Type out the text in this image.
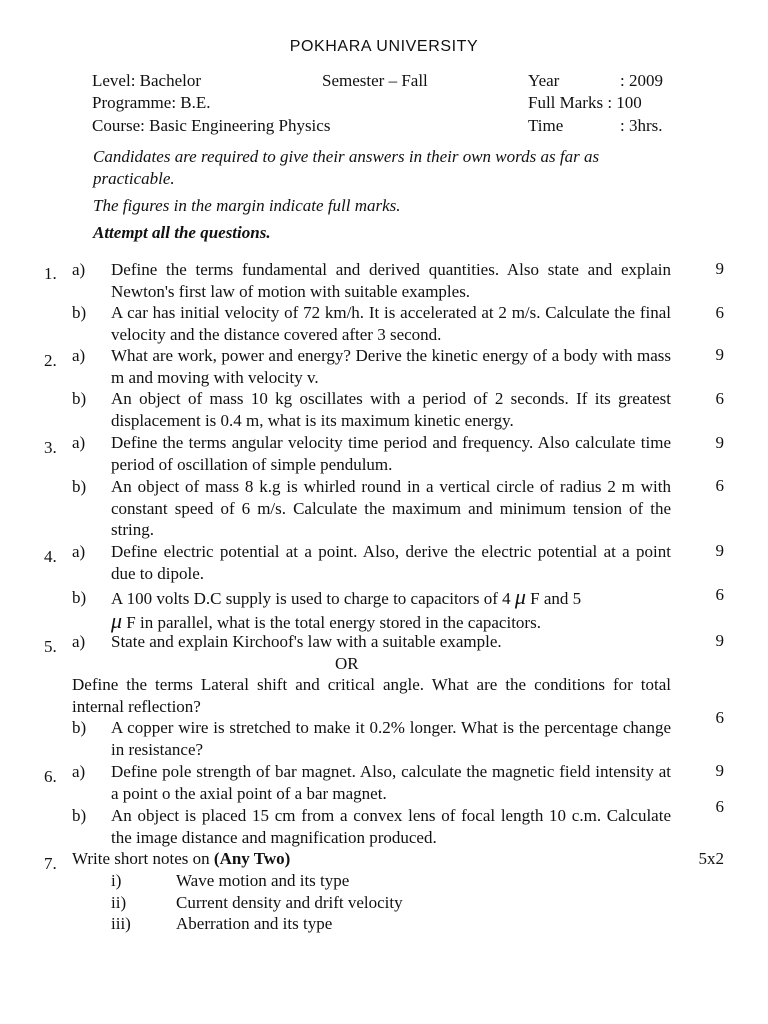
POKHARA UNIVERSITY
Level: Bachelor	Semester – Fall	Year	: 2009
Programme: B.E.	Full Marks : 100
Course: Basic Engineering Physics	Time	: 3hrs.
Candidates are required to give their answers in their own words as far as practicable.
The figures in the margin indicate full marks.
Attempt all the questions.
1. a) Define the terms fundamental and derived quantities. Also state and explain Newton's first law of motion with suitable examples.
9
b) A car has initial velocity of 72 km/h. It is accelerated at 2 m/s. Calculate the final velocity and the distance covered after 3 second.
6
2. a) What are work, power and energy? Derive the kinetic energy of a body with mass m and moving with velocity v.
9
b) An object of mass 10 kg oscillates with a period of 2 seconds. If its greatest displacement is 0.4 m, what is its maximum kinetic energy.
6
3. a) Define the terms angular velocity time period and frequency. Also calculate time period of oscillation of simple pendulum.
9
b) An object of mass 8 k.g is whirled round in a vertical circle of radius 2 m with constant speed of 6 m/s. Calculate the maximum and minimum tension of the string.
6
4. a) Define electric potential at a point. Also, derive the electric potential at a point due to dipole.
9
b) A 100 volts D.C supply is used to charge to capacitors of 4 μ F and 5
μ F in parallel, what is the total energy stored in the capacitors.
6
5. a) State and explain Kirchoof's law with a suitable example.	9
OR
Define the terms Lateral shift and critical angle. What are the conditions for total internal reflection?
b) A copper wire is stretched to make it 0.2% longer. What is the percentage change in resistance?
6
6. a) Define pole strength of bar magnet. Also, calculate the magnetic field intensity at a point o the axial point of a bar magnet.
9
b) An object is placed 15 cm from a convex lens of focal length 10 c.m. Calculate the image distance and magnification produced.
6
7. Write short notes on (Any Two)	5x2
i)	Wave motion and its type
ii)	Current density and drift velocity
iii)	Aberration and its type
